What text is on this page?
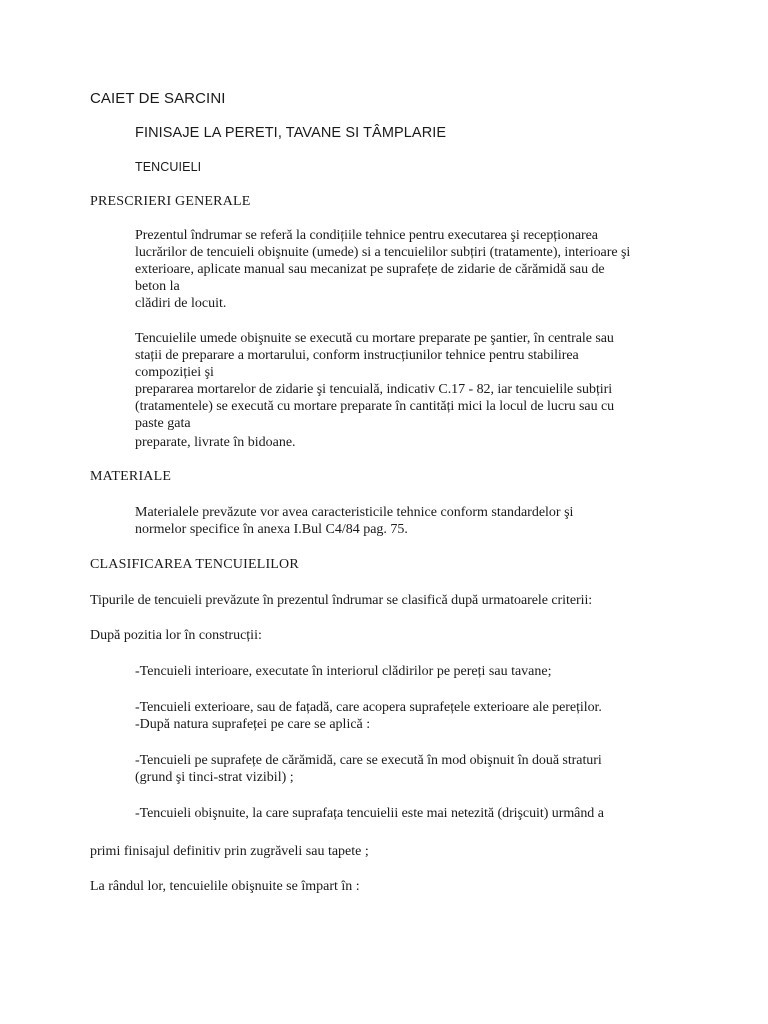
CAIET DE SARCINI

FINISAJE LA PERETI, TAVANE SI TÂMPLARIE

TENCUIELI

PRESCRIERI GENERALE

Prezentul îndrumar se referă la condițiile tehnice pentru executarea şi recepționarea

lucrărilor de tencuieli obişnuite (umede) si a tencuielilor subțiri (tratamente), interioare şi

exterioare, aplicate manual sau mecanizat pe suprafețe de zidarie de cărămidă sau de

beton la

clădiri de locuit.

Tencuielile umede obişnuite se execută cu mortare preparate pe şantier, în centrale sau

stații de preparare a mortarului, conform instrucțiunilor tehnice pentru stabilirea

compoziției şi

prepararea mortarelor de zidarie şi tencuială, indicativ C.17 - 82, iar tencuielile subțiri

(tratamentele) se execută cu mortare preparate în cantități mici la locul de lucru sau cu

paste gata

preparate, livrate în bidoane.

MATERIALE

Materialele prevăzute vor avea caracteristicile tehnice conform standardelor şi

normelor specifice în anexa I.Bul C4/84 pag. 75.

CLASIFICAREA TENCUIELILOR

Tipurile de tencuieli prevăzute în prezentul îndrumar se clasifică după urmatoarele criterii:

După pozitia lor în construcții:

-Tencuieli interioare, executate în interiorul clădirilor pe pereți sau tavane;

-Tencuieli exterioare, sau de fațadă, care acopera suprafețele exterioare ale pereților.

-După natura suprafeței pe care se aplică :

-Tencuieli pe suprafețe de cărămidă, care se execută în mod obişnuit în două straturi

(grund şi tinci-strat vizibil) ;

-Tencuieli obişnuite, la care suprafața tencuielii este mai netezită (drişcuit) urmând a

primi finisajul definitiv prin zugrăveli sau tapete ;

La rândul lor, tencuielile obişnuite se împart în :
